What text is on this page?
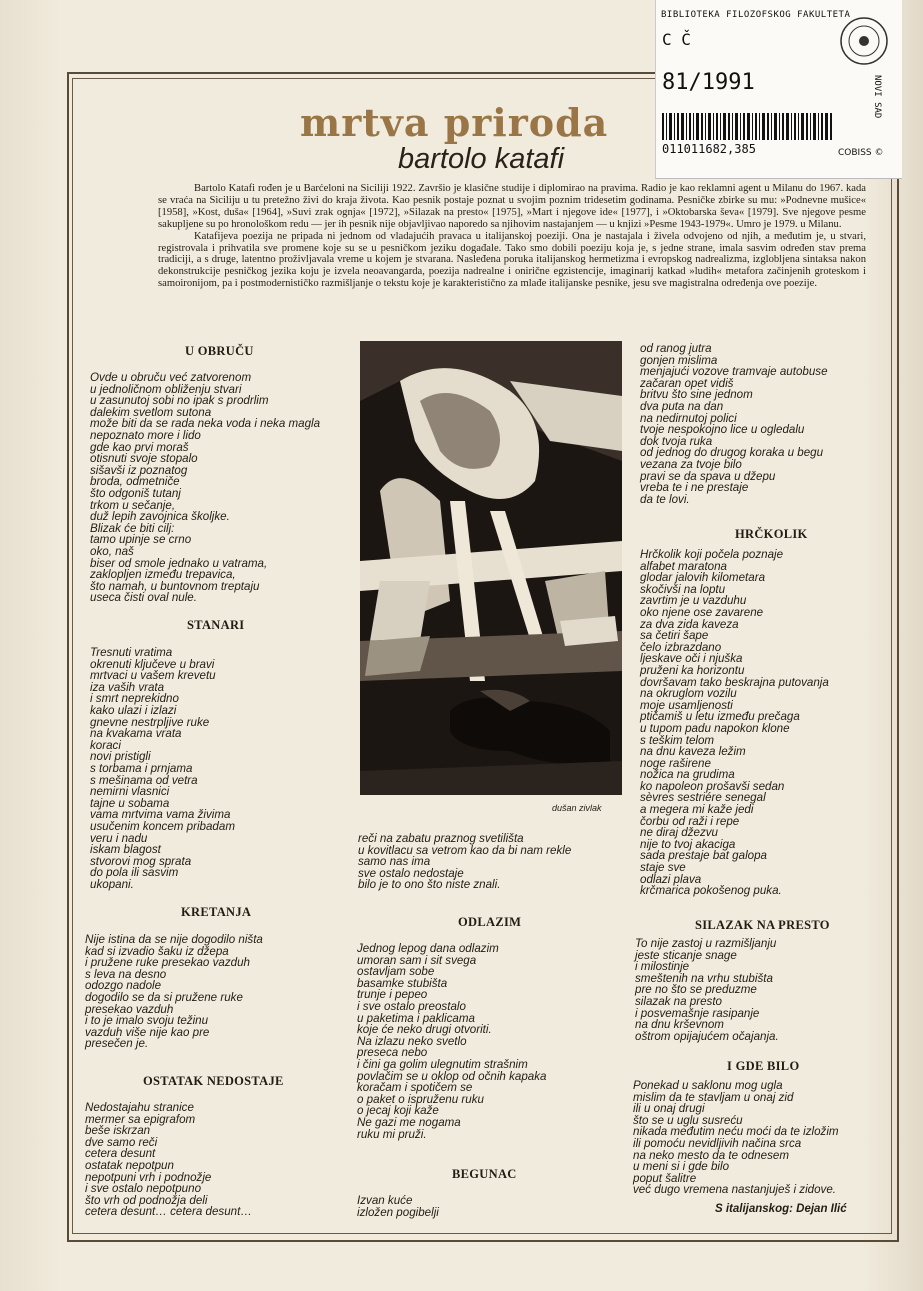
BIBLIOTEKA FILOZOFSKOG FAKULTETA
C Č
81/1991	NOVI SAD
011011682,385	COBISS ©
mrtva priroda
bartolo katafi

Bartolo Katafi rođen je u Barćeloni na Siciliji 1922. Završio je klasične studije i diplomirao na pravima. Radio je kao reklamni agent u Milanu do 1967. kada se vraća na Siciliju u tu pretežno živi do kraja života. Kao pesnik postaje poznat u svojim poznim tridesetim godinama. Pesničke zbirke su mu: »Podnevne mušice« [1958], »Kost, duša« [1964], »Suvi zrak ognja« [1972], »Silazak na presto« [1975], »Mart i njegove ide« [1977], i »Oktobarska ševa« [1979]. Sve njegove pesme sakupljene su po hronološkom redu — jer ih pesnik nije objavljivao naporedo sa njihovim nastajanjem — u knjizi »Pesme 1943-1979«. Umro je 1979. u Milanu.

Katafijeva poezija ne pripada ni jednom od vladajućih pravaca u italijanskoj poeziji. Ona je nastajala i živela odvojeno od njih, a međutim je, u stvari, registrovala i prihvatila sve promene koje su se u pesničkom jeziku događale. Tako smo dobili poeziju koja je, s jedne strane, imala sasvim određen stav prema tradiciji, a s druge, latentno proživljavala vreme u kojem je stvarana. Nasleđena poruka italijanskog hermetizma i evropskog nadrealizma, izglobljena sintaksa nakon dekonstrukcije pesničkog jezika koju je izvela neoavangarda, poezija nadrealne i onirične egzistencije, imaginarij katkad »ludih« metafora začinjenih groteskom i samoironijom, pa i postmodernističko razmišljanje o tekstu koje je karakteristično za mlađe italijanske pesnike, jesu sve magistralna određenja ove poezije.

U OBRUČU
Ovde u obruču već zatvorenom
u jednoličnom obliženju stvari
u zasunutoj sobi no ipak s prodrlim
dalekim svetlom sutona
može biti da se rada neka voda i neka magla
nepoznato more i lido
gde kao prvi moraš
otisnuti svoje stopalo
sišavši iz poznatog
broda, odmetniče
što odgoniš tutanj
trkom u sečanje,
duž lepih zavojnica školjke.
Blizak će biti cilj:
tamo upinje se crno
oko, naš
biser od smole jednako u vatrama,
zaklopljen između trepavica,
što namah, u buntovnom treptaju
useca čisti oval nule.
STANARI
Tresnuti vratima
okrenuti ključeve u bravi
mrtvaci u vašem krevetu
iza vaših vrata
i smrt neprekidno
kako ulazi i izlazi
gnevne nestrpljive ruke
na kvakama vrata
koraci
novi pristigli
s torbama i prnjama
s mešinama od vetra
nemirni vlasnici
tajne u sobama
vama mrtvima vama živima
usučenim koncem pribadam
veru i nadu
iskam blagost
stvorovi mog sprata
do pola ili sasvim
ukopani.
KRETANJA
Nije istina da se nije dogodilo ništa
kad si izvadio šaku iz džepa
i pružene ruke presekao vazduh
s leva na desno
odozgo nadole
dogodilo se da si pružene ruke
presekao vazduh
i to je imalo svoju težinu
vazduh više nije kao pre
presečen je.
OSTATAK NEDOSTAJE
Nedostajahu stranice
mermer sa epigrafom
beše iskrzan
dve samo reči
cetera desunt
ostatak nepotpun
nepotpuni vrh i podnožje
i sve ostalo nepotpuno
što vrh od podnožja deli
cetera desunt… cetera desunt…
dušan zivlak
reči na zabatu praznog svetilišta
u kovitlacu sa vetrom kao da bi nam rekle
samo nas ima
sve ostalo nedostaje
bilo je to ono što niste znali.
ODLAZIM
Jednog lepog dana odlazim
umoran sam i sit svega
ostavljam sobe
basamke stubišta
trunje i pepeo
i sve ostalo preostalo
u paketima i paklicama
koje će neko drugi otvoriti.
Na izlazu neko svetlo
preseca nebo
i čini ga golim ulegnutim strašnim
povlačim se u oklop od očnih kapaka
koračam i spotičem se
o paket o ispruženu ruku
o jecaj koji kaže
Ne gazi me nogama
ruku mi pruži.
BEGUNAC
Izvan kuće
izložen pogibelji
od ranog jutra
gonjen mislima
menjajući vozove tramvaje autobuse
začaran opet vidiš
britvu što sine jednom
dva puta na dan
na nedirnutoj polici
tvoje nespokojno lice u ogledalu
dok tvoja ruka
od jednog do drugog koraka u begu
vezana za tvoje bilo
pravi se da spava u džepu
vreba te i ne prestaje
da te lovi.
HRČKOLIK
Hrčkolik koji počela poznaje
alfabet maratona
glodar jalovih kilometara
skočivši na loptu
zavrtim je u vazduhu
oko njene ose zavarene
za dva zida kaveza
sa četiri šape
čelo izbrazdano
ljeskave oči i njuška
pruženi ka horizontu
dovršavam tako beskrajna putovanja
na okruglom vozilu
moje usamljenosti
ptičamiš u letu između prečaga
u tupom padu napokon klone
s teškim telom
na dnu kaveza ležim
noge raširene
nožica na grudima
ko napoleon prošavši sedan
sèvres sestriére senegal
a megera mi kaže jedi
čorbu od raži i repe
ne diraj džezvu
nije to tvoj akaciga
sada prestaje bat galopa
staje sve
odlazi plava
krčmarica pokošenog puka.
SILAZAK NA PRESTO
To nije zastoj u razmišljanju
jeste sticanje snage
i milostinje
smeštenih na vrhu stubišta
pre no što se preduzme
silazak na presto
i posvemašnje rasipanje
na dnu krševnom
oštrom opijajućem očajanja.
I GDE BILO
Ponekad u saklonu mog ugla
mislim da te stavljam u onaj zid
ili u onaj drugi
što se u uglu susreću
nikada međutim neću moći da te izložim
ili pomoću nevidljivih načina srca
na neko mesto da te odnesem
u meni si i gde bilo
poput šalitre
već dugo vremena nastanjuješ i zidove.
S italijanskog: Dejan Ilić
